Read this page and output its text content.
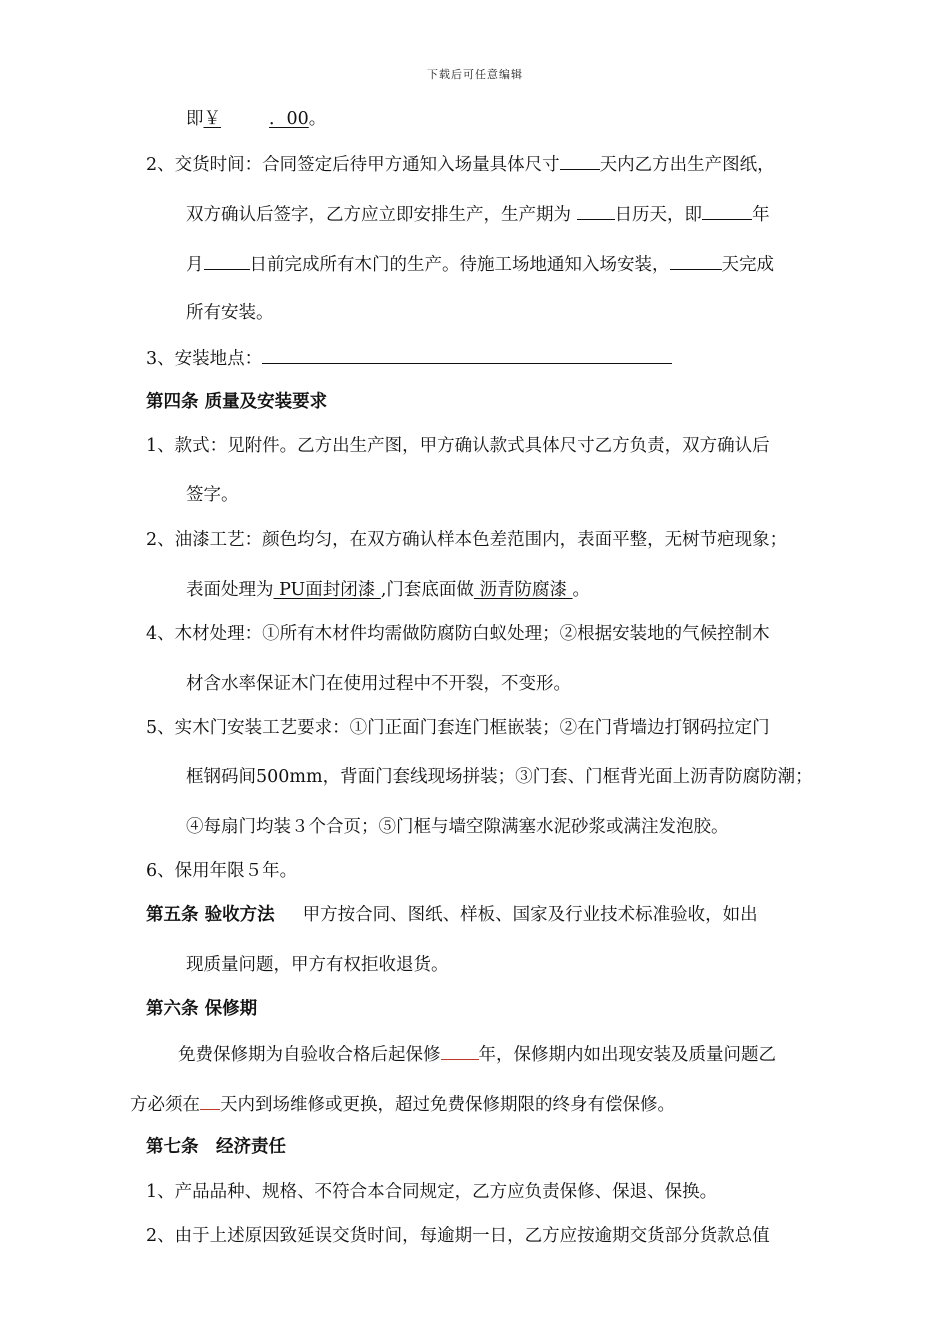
下载后可任意编辑
即￥	．00。
2、交货时间：合同签定后待甲方通知入场量具体尺寸 天内乙方出生产图纸，
双方确认后签字，乙方应立即安排生产，生产期为 日历天，即	年
月	日前完成所有木门的生产。待施工场地通知入场安装，	天完成
所有安装。
3、安装地点：
第四条 质量及安装要求
1、款式：见附件。乙方出生产图，甲方确认款式具体尺寸乙方负责，双方确认后
签字。
2、油漆工艺：颜色均匀，在双方确认样本色差范围内，表面平整，无树节疤现象；
表面处理为 PU面封闭漆 ,门套底面做 沥青防腐漆 。
4、木材处理：①所有木材件均需做防腐防白蚁处理；②根据安装地的气候控制木
材含水率保证木门在使用过程中不开裂，不变形。
5、实木门安装工艺要求：①门正面门套连门框嵌装；②在门背墙边打钢码拉定门
框钢码间500mm，背面门套线现场拼装；③门套、门框背光面上沥青防腐防潮；
④每扇门均装３个合页；⑤门框与墙空隙满塞水泥砂浆或满注发泡胶。
6、保用年限５年。
第五条 验收方法 甲方按合同、图纸、样板、国家及行业技术标准验收，如出
现质量问题，甲方有权拒收退货。
第六条 保修期
免费保修期为自验收合格后起保修 年，保修期内如出现安装及质量问题乙
方必须在 天内到场维修或更换，超过免费保修期限的终身有偿保修。
第七条　经济责任
1、产品品种、规格、不符合本合同规定，乙方应负责保修、保退、保换。
2、由于上述原因致延误交货时间，每逾期一日，乙方应按逾期交货部分货款总值
